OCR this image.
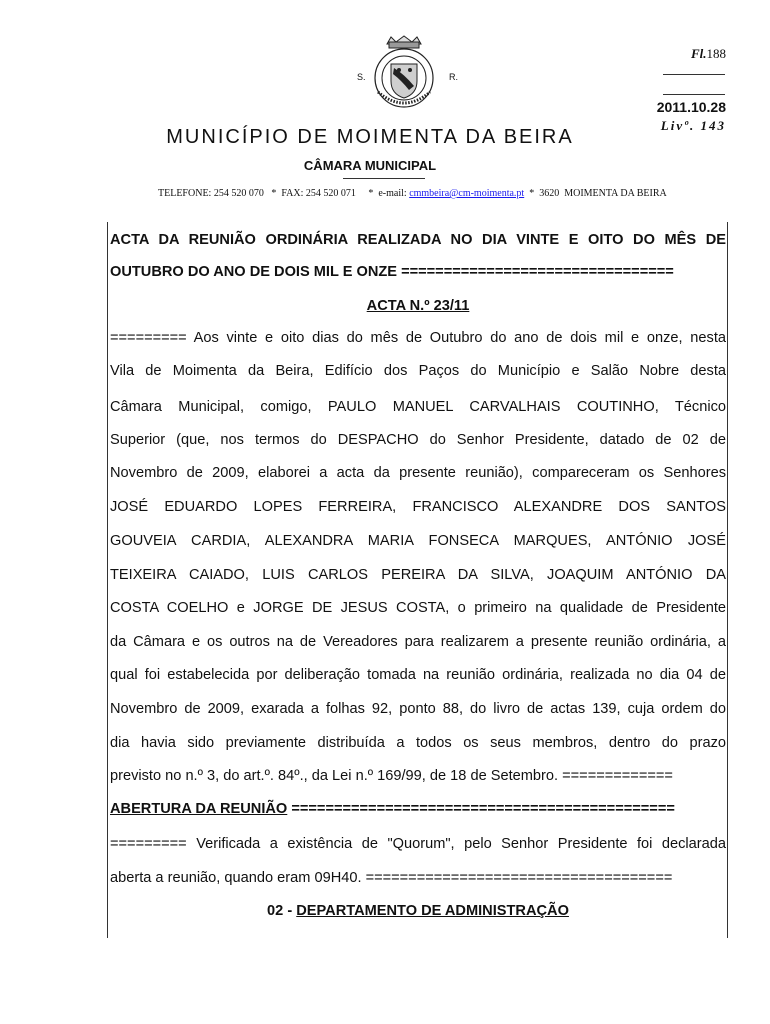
S.	R.
Fl.188
2011.10.28
Livº. 143
MUNICÍPIO DE MOIMENTA DA BEIRA
CÂMARA MUNICIPAL
TELEFONE: 254 520 070   *  FAX: 254 520 071     *  e-mail: cmmbeira@cm-moimenta.pt  *  3620  MOIMENTA DA BEIRA
ACTA DA REUNIÃO ORDINÁRIA REALIZADA NO DIA VINTE E OITO DO MÊS DE
OUTUBRO DO ANO DE DOIS MIL E ONZE ================================
ACTA N.º 23/11
========= Aos vinte e oito dias do mês de Outubro do ano de dois mil e onze, nesta
Vila de Moimenta da Beira, Edifício dos Paços do Município e Salão Nobre desta
Câmara Municipal, comigo, PAULO MANUEL CARVALHAIS COUTINHO, Técnico
Superior (que, nos termos do DESPACHO do Senhor Presidente, datado de 02 de
Novembro de 2009, elaborei a acta da presente reunião), compareceram os Senhores
JOSÉ EDUARDO LOPES FERREIRA, FRANCISCO ALEXANDRE DOS SANTOS
GOUVEIA CARDIA, ALEXANDRA MARIA FONSECA MARQUES, ANTÓNIO JOSÉ
TEIXEIRA CAIADO, LUIS CARLOS PEREIRA DA SILVA, JOAQUIM ANTÓNIO DA
COSTA COELHO e JORGE DE JESUS COSTA, o primeiro na qualidade de Presidente
da Câmara e os outros na de Vereadores para realizarem a presente reunião ordinária, a
qual foi estabelecida por deliberação tomada na reunião ordinária, realizada no dia 04 de
Novembro de 2009, exarada a folhas 92, ponto 88, do livro de actas 139, cuja ordem do
dia havia sido previamente distribuída a todos os seus membros, dentro do prazo
previsto no n.º 3, do art.º. 84º., da Lei n.º 169/99, de 18 de Setembro. =============
ABERTURA DA REUNIÃO =============================================
========= Verificada a existência de "Quorum", pelo Senhor Presidente foi declarada
aberta a reunião, quando eram 09H40. ====================================
02 - DEPARTAMENTO DE ADMINISTRAÇÃO
